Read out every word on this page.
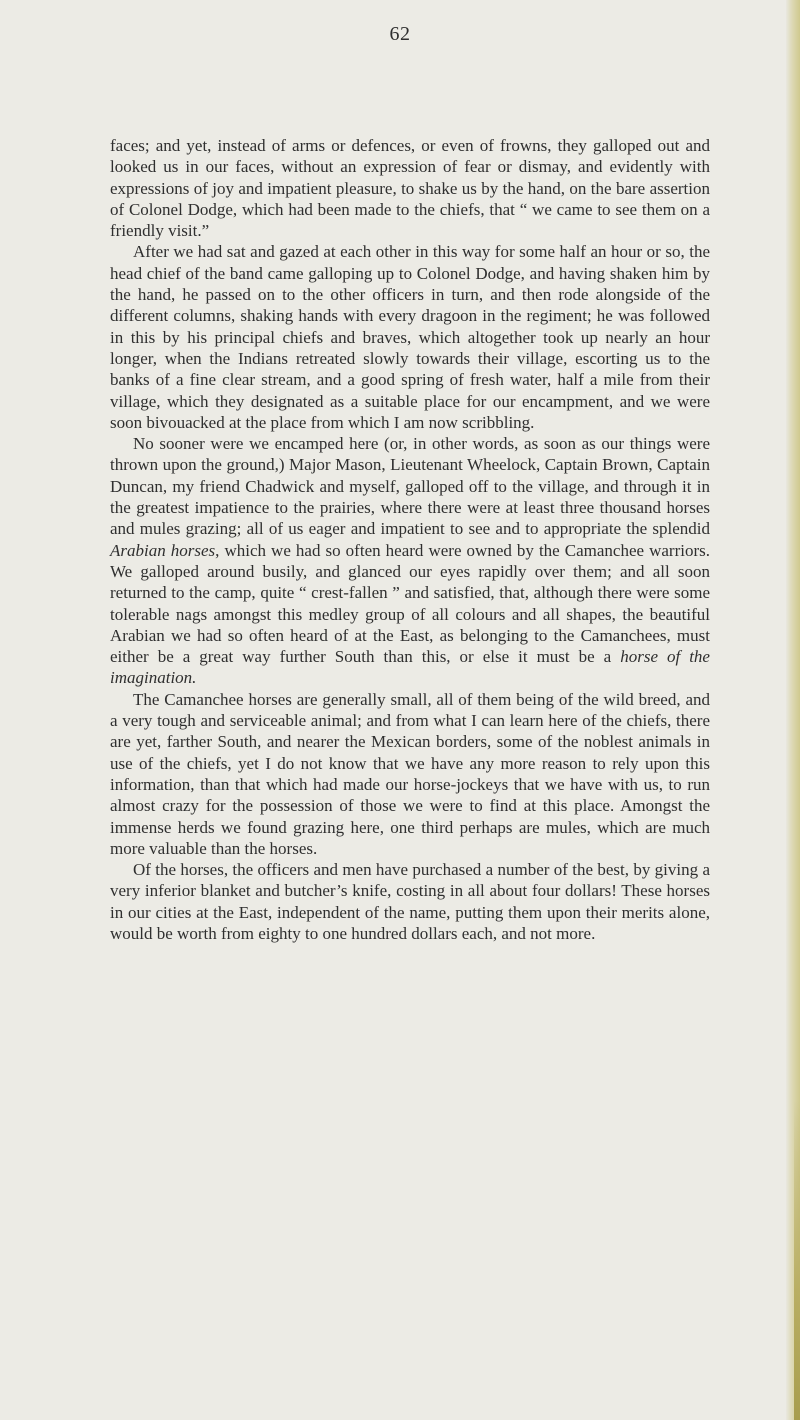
62

faces; and yet, instead of arms or defences, or even of frowns, they galloped out and looked us in our faces, without an expression of fear or dismay, and evidently with expressions of joy and impatient pleasure, to shake us by the hand, on the bare assertion of Colonel Dodge, which had been made to the chiefs, that “ we came to see them on a friendly visit.”

After we had sat and gazed at each other in this way for some half an hour or so, the head chief of the band came galloping up to Colonel Dodge, and having shaken him by the hand, he passed on to the other officers in turn, and then rode alongside of the different columns, shaking hands with every dragoon in the regiment; he was followed in this by his principal chiefs and braves, which altogether took up nearly an hour longer, when the Indians retreated slowly towards their village, escorting us to the banks of a fine clear stream, and a good spring of fresh water, half a mile from their village, which they designated as a suitable place for our encampment, and we were soon bivouacked at the place from which I am now scribbling.

No sooner were we encamped here (or, in other words, as soon as our things were thrown upon the ground,) Major Mason, Lieutenant Wheelock, Captain Brown, Captain Duncan, my friend Chadwick and myself, galloped off to the village, and through it in the greatest impatience to the prairies, where there were at least three thousand horses and mules grazing; all of us eager and impatient to see and to appropriate the splendid Arabian horses, which we had so often heard were owned by the Camanchee warriors. We galloped around busily, and glanced our eyes rapidly over them; and all soon returned to the camp, quite “ crest-fallen ” and satisfied, that, although there were some tolerable nags amongst this medley group of all colours and all shapes, the beautiful Arabian we had so often heard of at the East, as belonging to the Camanchees, must either be a great way further South than this, or else it must be a horse of the imagination.

The Camanchee horses are generally small, all of them being of the wild breed, and a very tough and serviceable animal; and from what I can learn here of the chiefs, there are yet, farther South, and nearer the Mexican borders, some of the noblest animals in use of the chiefs, yet I do not know that we have any more reason to rely upon this information, than that which had made our horse-jockeys that we have with us, to run almost crazy for the possession of those we were to find at this place. Amongst the immense herds we found grazing here, one third perhaps are mules, which are much more valuable than the horses.

Of the horses, the officers and men have purchased a number of the best, by giving a very inferior blanket and butcher’s knife, costing in all about four dollars! These horses in our cities at the East, independent of the name, putting them upon their merits alone, would be worth from eighty to one hundred dollars each, and not more.
